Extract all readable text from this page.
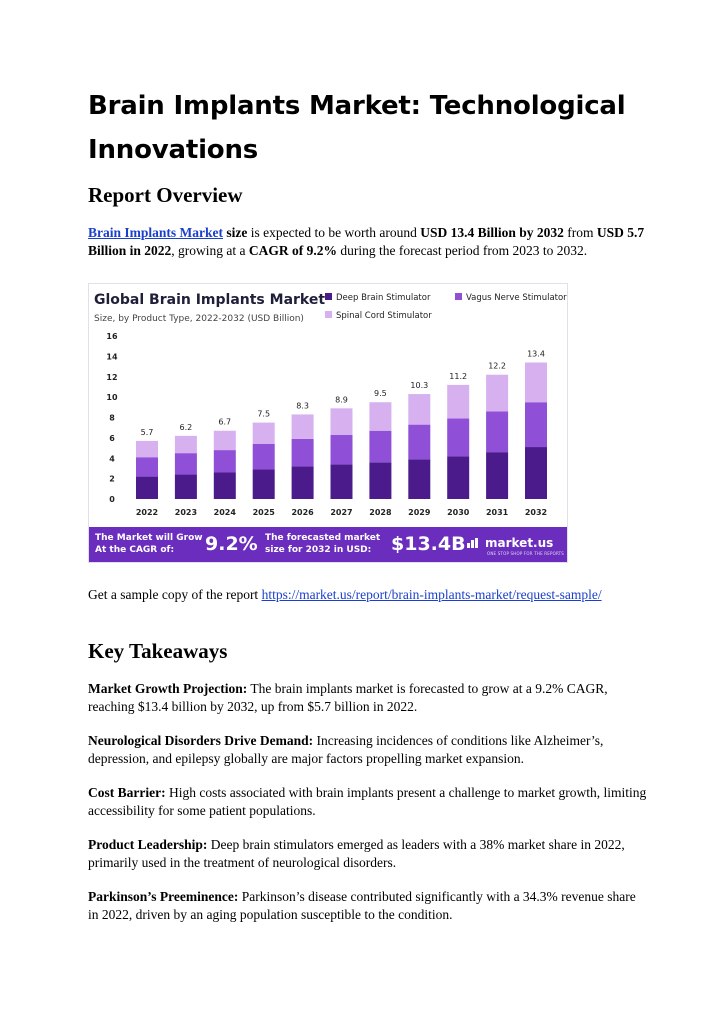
Brain Implants Market: Technological Innovations
Report Overview

Brain Implants Market size is expected to be worth around USD 13.4 Billion by 2032 from USD 5.7 Billion in 2022, growing at a CAGR of 9.2% during the forecast period from 2023 to 2032.

Global Brain Implants Market
Size, by Product Type, 2022-2032 (USD Billion)
Deep Brain Stimulator	Vagus Nerve Stimulator
Spinal Cord Stimulator
0
2
4
6
8
10
12
14
16
5.7
2022
6.2
2023
6.7
2024
7.5
2025
8.3
2026
8.9
2027
9.5
2028
10.3
2029
11.2
2030
12.2
2031
13.4
2032
The Market will Grow At the CAGR of:	9.2% The forecasted market size for 2032 in USD:	$13.4B	market.us
ONE STOP SHOP FOR THE REPORTS

Get a sample copy of the report https://market.us/report/brain-implants-market/request-sample/

Key Takeaways

Market Growth Projection: The brain implants market is forecasted to grow at a 9.2% CAGR, reaching $13.4 billion by 2032, up from $5.7 billion in 2022.

Neurological Disorders Drive Demand: Increasing incidences of conditions like Alzheimer’s, depression, and epilepsy globally are major factors propelling market expansion.

Cost Barrier: High costs associated with brain implants present a challenge to market growth, limiting accessibility for some patient populations.

Product Leadership: Deep brain stimulators emerged as leaders with a 38% market share in 2022, primarily used in the treatment of neurological disorders.

Parkinson’s Preeminence: Parkinson’s disease contributed significantly with a 34.3% revenue share in 2022, driven by an aging population susceptible to the condition.
